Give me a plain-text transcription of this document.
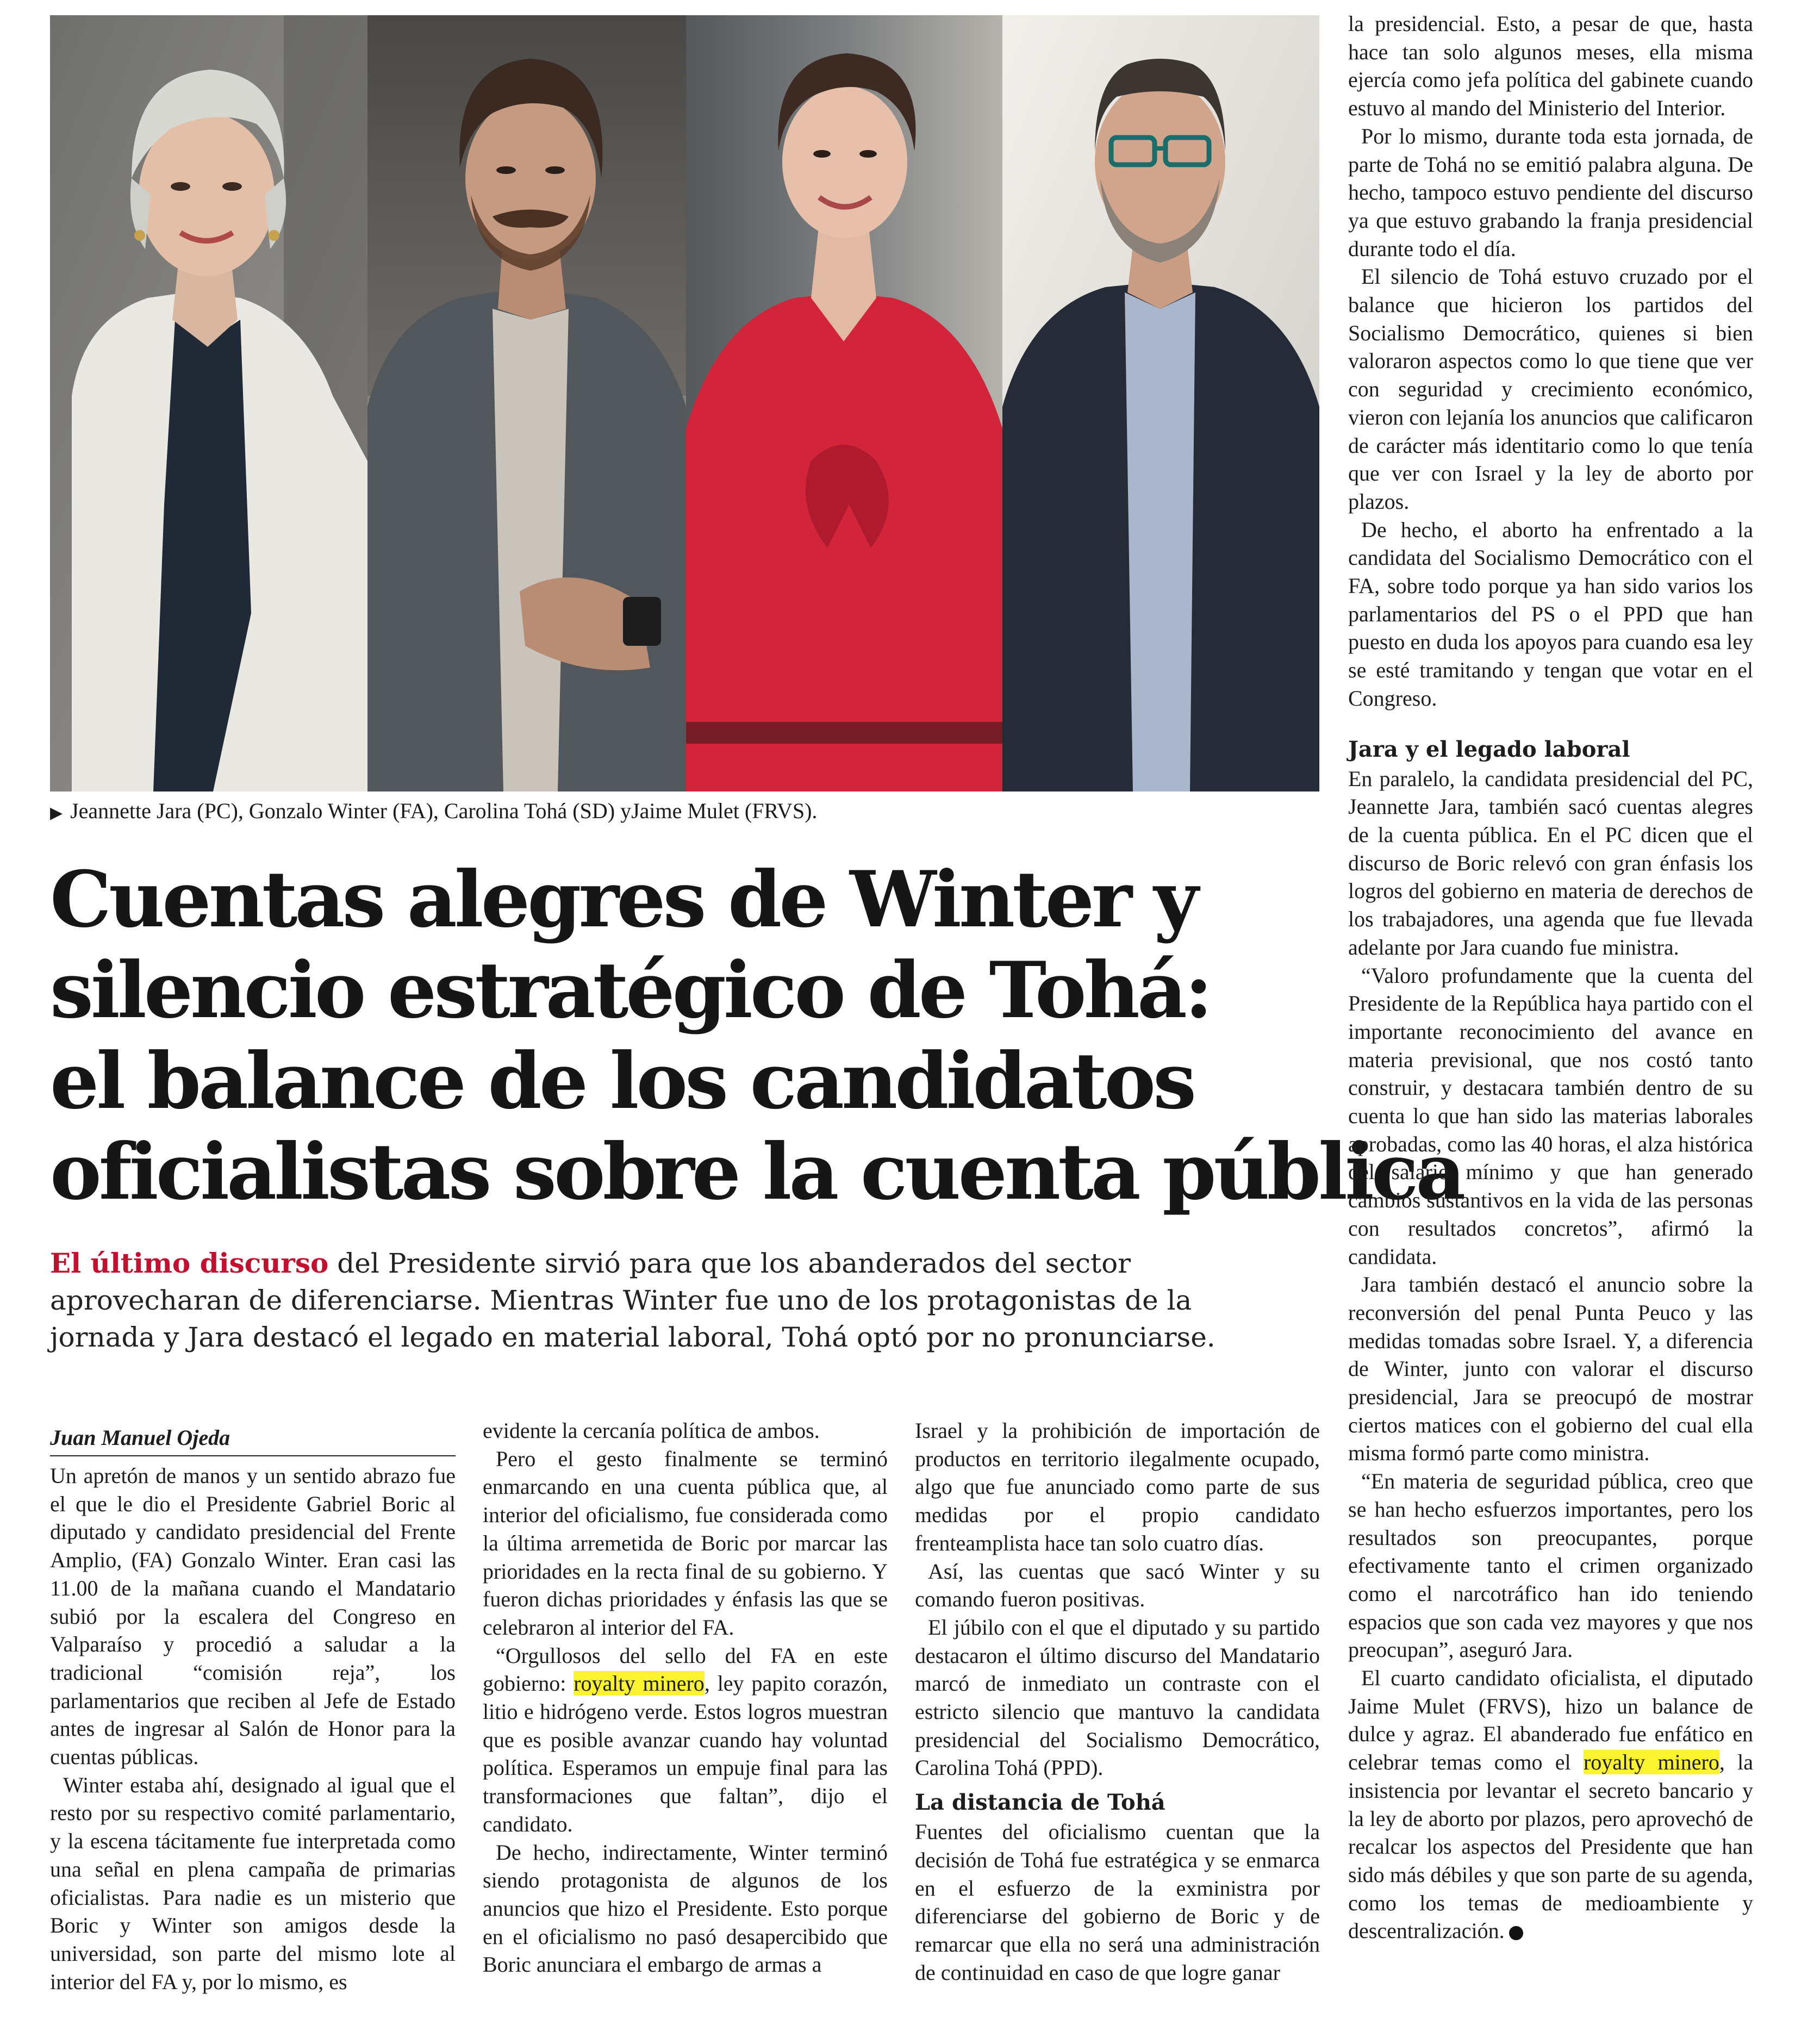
▶ Jeannette Jara (PC), Gonzalo Winter (FA), Carolina Tohá (SD) yJaime Mulet (FRVS).
Cuentas alegres de Winter y
silencio estratégico de Tohá:
el balance de los candidatos
oficialistas sobre la cuenta pública

El último discurso del Presidente sirvió para que los abanderados del sector aprovecharan de diferenciarse. Mientras Winter fue uno de los protagonistas de la jornada y Jara destacó el legado en material laboral, Tohá optó por no pronunciarse.

Juan Manuel Ojeda

Un apretón de manos y un sentido abrazo fue el que le dio el Presidente Gabriel Boric al diputado y candidato presidencial del Frente Amplio, (FA) Gonzalo Winter. Eran casi las 11.00 de la mañana cuando el Mandatario subió por la escalera del Congreso en Valparaíso y procedió a saludar a la tradicional “comisión reja”, los parlamentarios que reciben al Jefe de Estado antes de ingresar al Salón de Honor para la cuentas públicas.

Winter estaba ahí, designado al igual que el resto por su respectivo comité parlamentario, y la escena tácitamente fue interpretada como una señal en plena campaña de primarias oficialistas. Para nadie es un misterio que Boric y Winter son amigos desde la universidad, son parte del mismo lote al interior del FA y, por lo mismo, es

evidente la cercanía política de ambos.

Pero el gesto finalmente se terminó enmarcando en una cuenta pública que, al interior del oficialismo, fue considerada como la última arremetida de Boric por marcar las prioridades en la recta final de su gobierno. Y fueron dichas prioridades y énfasis las que se celebraron al interior del FA.

“Orgullosos del sello del FA en este gobierno: royalty minero, ley papito corazón, litio e hidrógeno verde. Estos logros muestran que es posible avanzar cuando hay voluntad política. Esperamos un empuje final para las transformaciones que faltan”, dijo el candidato.

De hecho, indirectamente, Winter terminó siendo protagonista de algunos de los anuncios que hizo el Presidente. Esto porque en el oficialismo no pasó desapercibido que Boric anunciara el embargo de armas a

Israel y la prohibición de importación de productos en territorio ilegalmente ocupado, algo que fue anunciado como parte de sus medidas por el propio candidato frenteamplista hace tan solo cuatro días.

Así, las cuentas que sacó Winter y su comando fueron positivas.

El júbilo con el que el diputado y su partido destacaron el último discurso del Mandatario marcó de inmediato un contraste con el estricto silencio que mantuvo la candidata presidencial del Socialismo Democrático, Carolina Tohá (PPD).

La distancia de Tohá

Fuentes del oficialismo cuentan que la decisión de Tohá fue estratégica y se enmarca en el esfuerzo de la exministra por diferenciarse del gobierno de Boric y de remarcar que ella no será una administración de continuidad en caso de que logre ganar

la presidencial. Esto, a pesar de que, hasta hace tan solo algunos meses, ella misma ejercía como jefa política del gabinete cuando estuvo al mando del Ministerio del Interior.

Por lo mismo, durante toda esta jornada, de parte de Tohá no se emitió palabra alguna. De hecho, tampoco estuvo pendiente del discurso ya que estuvo grabando la franja presidencial durante todo el día.

El silencio de Tohá estuvo cruzado por el balance que hicieron los partidos del Socialismo Democrático, quienes si bien valoraron aspectos como lo que tiene que ver con seguridad y crecimiento económico, vieron con lejanía los anuncios que calificaron de carácter más identitario como lo que tenía que ver con Israel y la ley de aborto por plazos.

De hecho, el aborto ha enfrentado a la candidata del Socialismo Democrático con el FA, sobre todo porque ya han sido varios los parlamentarios del PS o el PPD que han puesto en duda los apoyos para cuando esa ley se esté tramitando y tengan que votar en el Congreso.

Jara y el legado laboral

En paralelo, la candidata presidencial del PC, Jeannette Jara, también sacó cuentas alegres de la cuenta pública. En el PC dicen que el discurso de Boric relevó con gran énfasis los logros del gobierno en materia de derechos de los trabajadores, una agenda que fue llevada adelante por Jara cuando fue ministra.

“Valoro profundamente que la cuenta del Presidente de la República haya partido con el importante reconocimiento del avance en materia previsional, que nos costó tanto construir, y destacara también dentro de su cuenta lo que han sido las materias laborales aprobadas, como las 40 horas, el alza histórica del salario mínimo y que han generado cambios sustantivos en la vida de las personas con resultados concretos”, afirmó la candidata.

Jara también destacó el anuncio sobre la reconversión del penal Punta Peuco y las medidas tomadas sobre Israel. Y, a diferencia de Winter, junto con valorar el discurso presidencial, Jara se preocupó de mostrar ciertos matices con el gobierno del cual ella misma formó parte como ministra.

“En materia de seguridad pública, creo que se han hecho esfuerzos importantes, pero los resultados son preocupantes, porque efectivamente tanto el crimen organizado como el narcotráfico han ido teniendo espacios que son cada vez mayores y que nos preocupan”, aseguró Jara.

El cuarto candidato oficialista, el diputado Jaime Mulet (FRVS), hizo un balance de dulce y agraz. El abanderado fue enfático en celebrar temas como el royalty minero, la insistencia por levantar el secreto bancario y la ley de aborto por plazos, pero aprovechó de recalcar los aspectos del Presidente que han sido más débiles y que son parte de su agenda, como los temas de medioambiente y descentralización.
